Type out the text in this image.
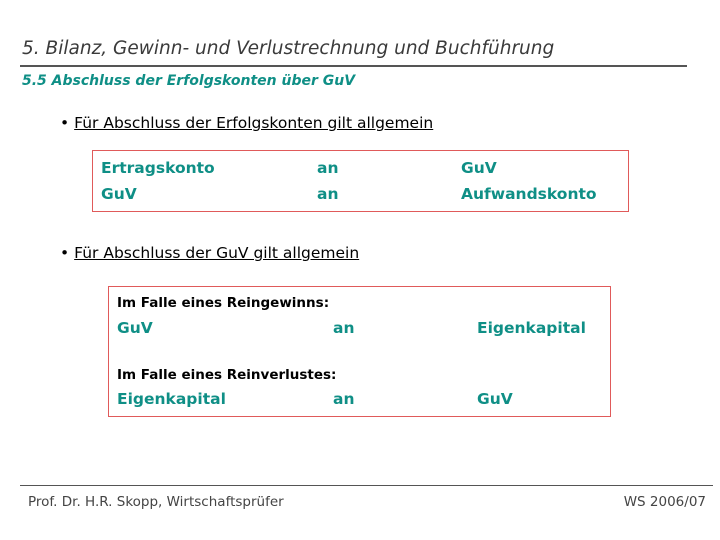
5. Bilanz, Gewinn- und Verlustrechnung und Buchführung
5.5 Abschluss der Erfolgskonten über GuV
• Für Abschluss der Erfolgskonten gilt allgemein
Ertragskonto	an	GuV
GuV	an	Aufwandskonto
• Für Abschluss der GuV gilt allgemein
Im Falle eines Reingewinns:
GuV	an	Eigenkapital
Im Falle eines Reinverlustes:
Eigenkapital	an	GuV
Prof. Dr. H.R. Skopp, Wirtschaftsprüfer	WS 2006/07
